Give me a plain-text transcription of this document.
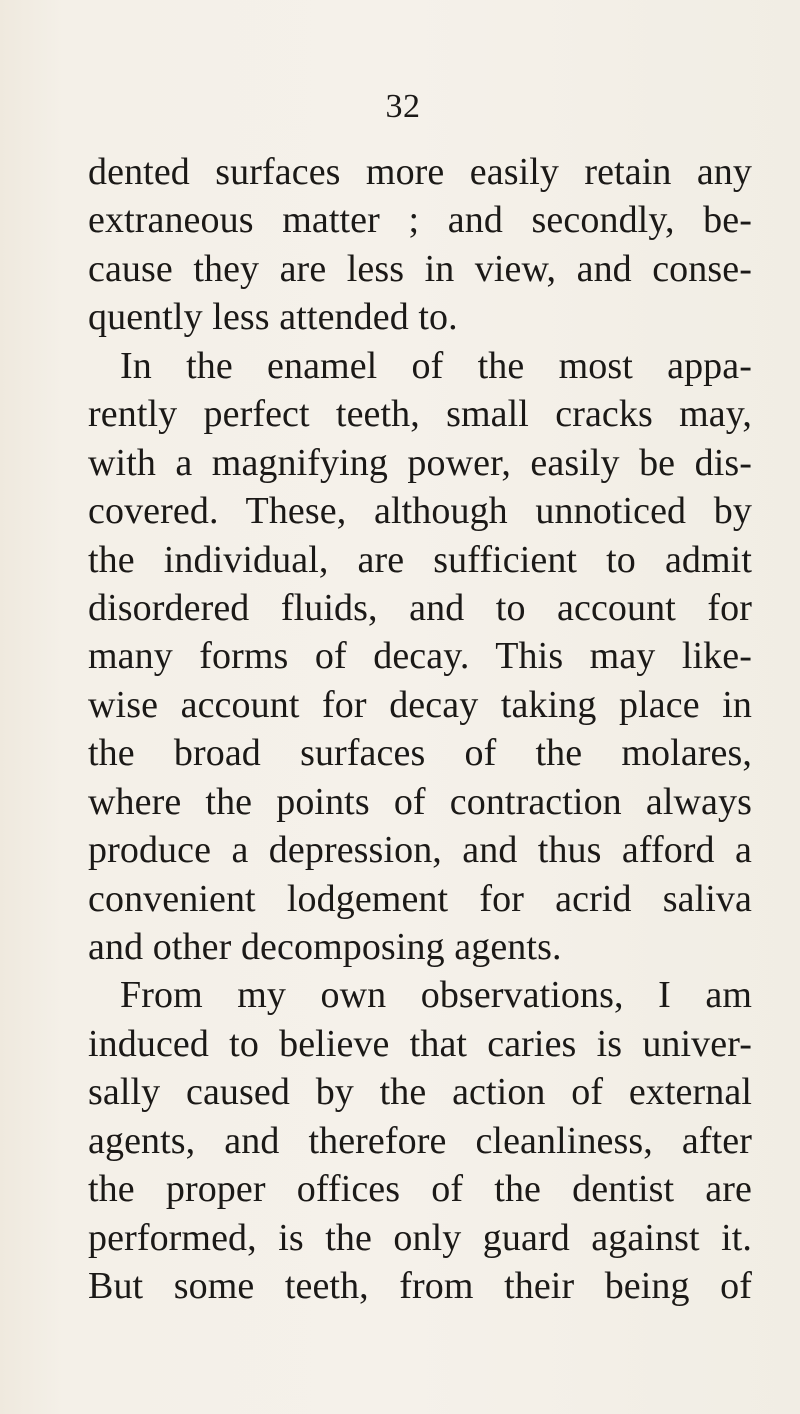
32
dented surfaces more easily retain any
extraneous matter ; and secondly, be-
cause they are less in view, and conse-
quently less attended to.
In the enamel of the most appa-
rently perfect teeth, small cracks may,
with a magnifying power, easily be dis-
covered. These, although unnoticed by
the individual, are sufficient to admit
disordered fluids, and to account for
many forms of decay. This may like-
wise account for decay taking place in
the broad surfaces of the molares,
where the points of contraction always
produce a depression, and thus afford a
convenient lodgement for acrid saliva
and other decomposing agents.
From my own observations, I am
induced to believe that caries is univer-
sally caused by the action of external
agents, and therefore cleanliness, after
the proper offices of the dentist are
performed, is the only guard against it.
But some teeth, from their being of
